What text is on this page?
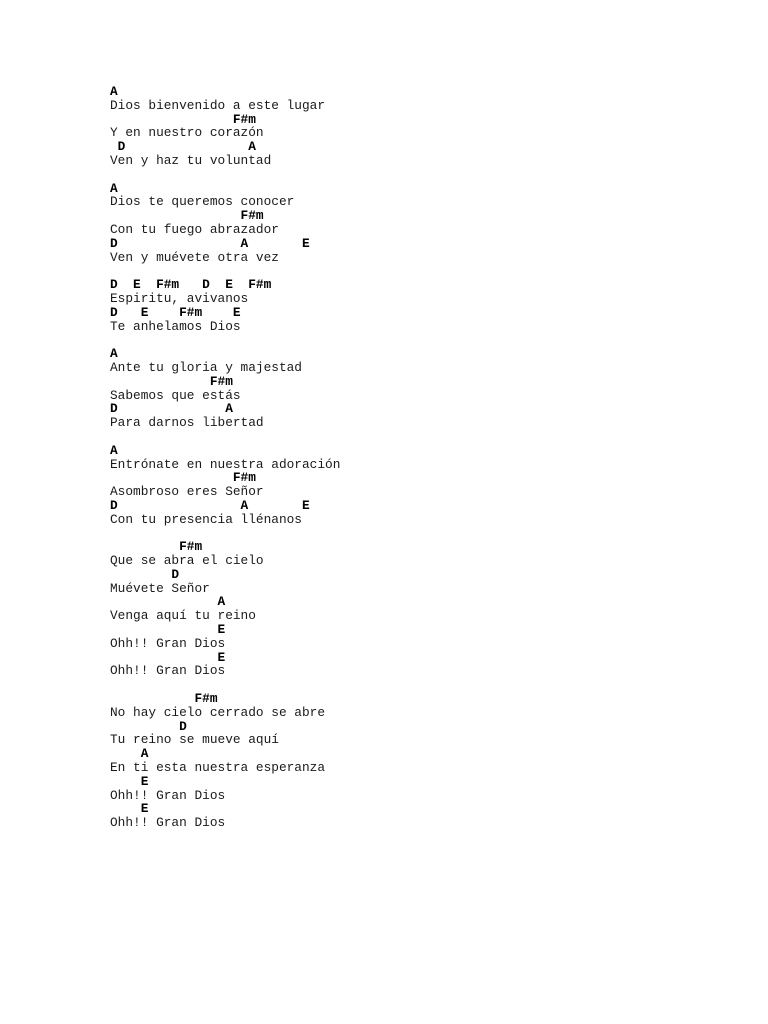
A
Dios bienvenido a este lugar
F#m
Y en nuestro corazón
D                A
Ven y haz tu voluntad
A
Dios te queremos conocer
F#m
Con tu fuego abrazador
D                A       E
Ven y muévete otra vez
D  E  F#m   D  E  F#m
Espiritu, avivanos
D   E    F#m    E
Te anhelamos Dios
A
Ante tu gloria y majestad
F#m
Sabemos que estás
D              A
Para darnos libertad
A
Entrónate en nuestra adoración
F#m
Asombroso eres Señor
D                A       E
Con tu presencia llénanos
F#m
Que se abra el cielo
D
Muévete Señor
A
Venga aquí tu reino
E
Ohh!! Gran Dios
E
Ohh!! Gran Dios
F#m
No hay cielo cerrado se abre
D
Tu reino se mueve aquí
A
En ti esta nuestra esperanza
E
Ohh!! Gran Dios
E
Ohh!! Gran Dios
